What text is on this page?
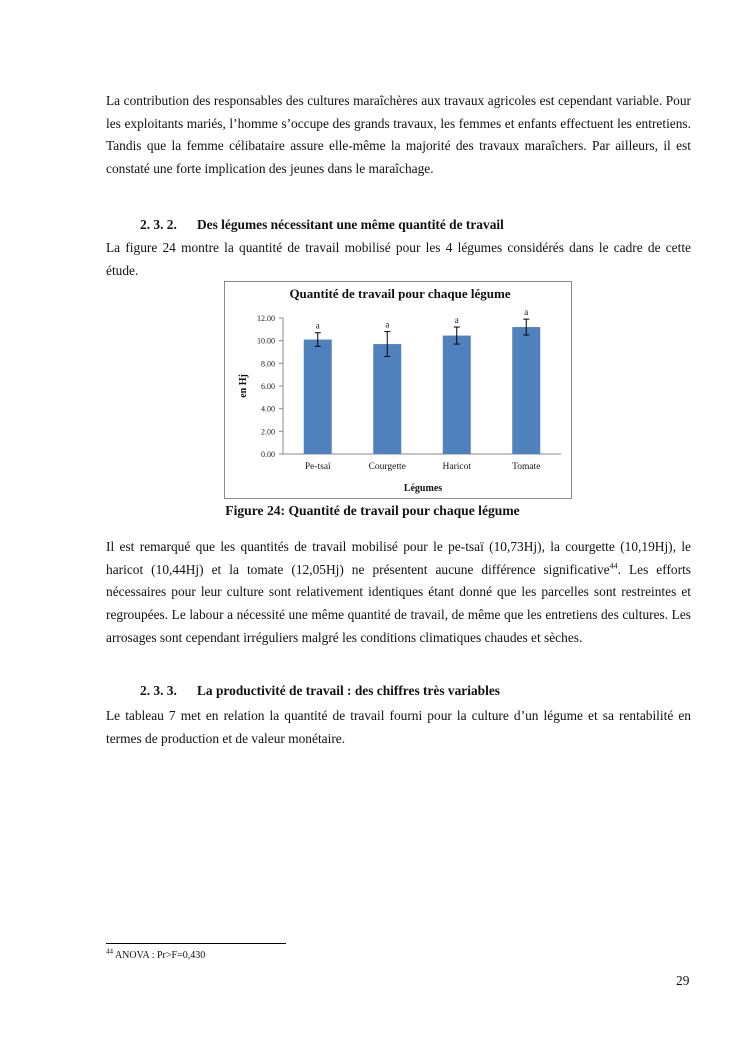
La contribution des responsables des cultures maraîchères aux travaux agricoles est cependant variable. Pour les exploitants mariés, l’homme s’occupe des grands travaux, les femmes et enfants effectuent les entretiens. Tandis que la femme célibataire assure elle-même la majorité des travaux maraîchers. Par ailleurs, il est constaté une forte implication des jeunes dans le maraîchage.

2. 3. 2. Des légumes nécessitant une même quantité de travail

La figure 24 montre la quantité de travail mobilisé pour les 4 légumes considérés dans le cadre de cette étude.

Quantité de travail pour chaque légume
en Hj
Légumes
0.00
2.00
4.00
6.00
8.00
10.00
12.00
a
Pe-tsaï
a
Courgette
a
Haricot
a
Tomate

Figure 24: Quantité de travail pour chaque légume

Il est remarqué que les quantités de travail mobilisé pour le pe-tsaï (10,73Hj), la courgette (10,19Hj), le haricot (10,44Hj) et la tomate (12,05Hj) ne présentent aucune différence significative$^{44}$. Les efforts nécessaires pour leur culture sont relativement identiques étant donné que les parcelles sont restreintes et regroupées. Le labour a nécessité une même quantité de travail, de même que les entretiens des cultures. Les arrosages sont cependant irréguliers malgré les conditions climatiques chaudes et sèches.

2. 3. 3. La productivité de travail : des chiffres très variables

Le tableau 7 met en relation la quantité de travail fourni pour la culture d’un légume et sa rentabilité en termes de production et de valeur monétaire.

$^{44}$ ANOVA : Pr>F=0,430

29
